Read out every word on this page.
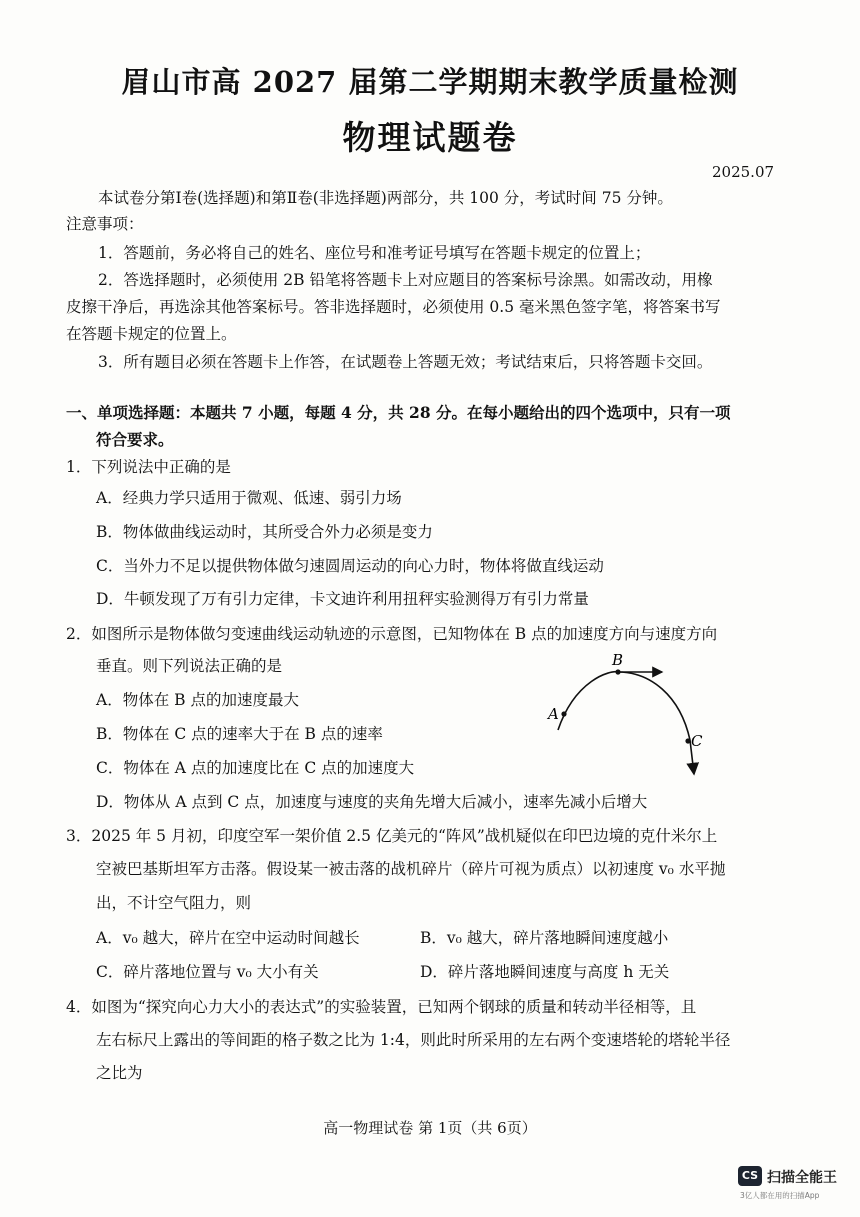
眉山市高 2027 届第二学期期末教学质量检测
物理试题卷
2025.07
本试卷分第Ⅰ卷(选择题)和第Ⅱ卷(非选择题)两部分，共 100 分，考试时间 75 分钟。
注意事项：
1．答题前，务必将自己的姓名、座位号和准考证号填写在答题卡规定的位置上；
2．答选择题时，必须使用 2B 铅笔将答题卡上对应题目的答案标号涂黑。如需改动，用橡
皮擦干净后，再选涂其他答案标号。答非选择题时，必须使用 0.5 毫米黑色签字笔，将答案书写
在答题卡规定的位置上。
3．所有题目必须在答题卡上作答，在试题卷上答题无效；考试结束后，只将答题卡交回。
一、单项选择题：本题共 7 小题，每题 4 分，共 28 分。在每小题给出的四个选项中，只有一项
符合要求。
1．下列说法中正确的是
A．经典力学只适用于微观、低速、弱引力场
B．物体做曲线运动时，其所受合外力必须是变力
C．当外力不足以提供物体做匀速圆周运动的向心力时，物体将做直线运动
D．牛顿发现了万有引力定律，卡文迪许利用扭秤实验测得万有引力常量
2．如图所示是物体做匀变速曲线运动轨迹的示意图，已知物体在 B 点的加速度方向与速度方向
垂直。则下列说法正确的是
A．物体在 B 点的加速度最大
B．物体在 C 点的速率大于在 B 点的速率
C．物体在 A 点的加速度比在 C 点的加速度大
D．物体从 A 点到 C 点，加速度与速度的夹角先增大后减小，速率先减小后增大
A
B
C
3．2025 年 5 月初，印度空军一架价值 2.5 亿美元的“阵风”战机疑似在印巴边境的克什米尔上
空被巴基斯坦军方击落。假设某一被击落的战机碎片（碎片可视为质点）以初速度 v₀ 水平抛
出，不计空气阻力，则
A．v₀ 越大，碎片在空中运动时间越长	B．v₀ 越大，碎片落地瞬间速度越小
C．碎片落地位置与 v₀ 大小有关	D．碎片落地瞬间速度与高度 h 无关
4．如图为“探究向心力大小的表达式”的实验装置，已知两个钢球的质量和转动半径相等，且
左右标尺上露出的等间距的格子数之比为 1:4，则此时所采用的左右两个变速塔轮的塔轮半径
之比为
高一物理试卷 第 1页（共 6页）
CS 扫描全能王
3亿人都在用的扫描App
